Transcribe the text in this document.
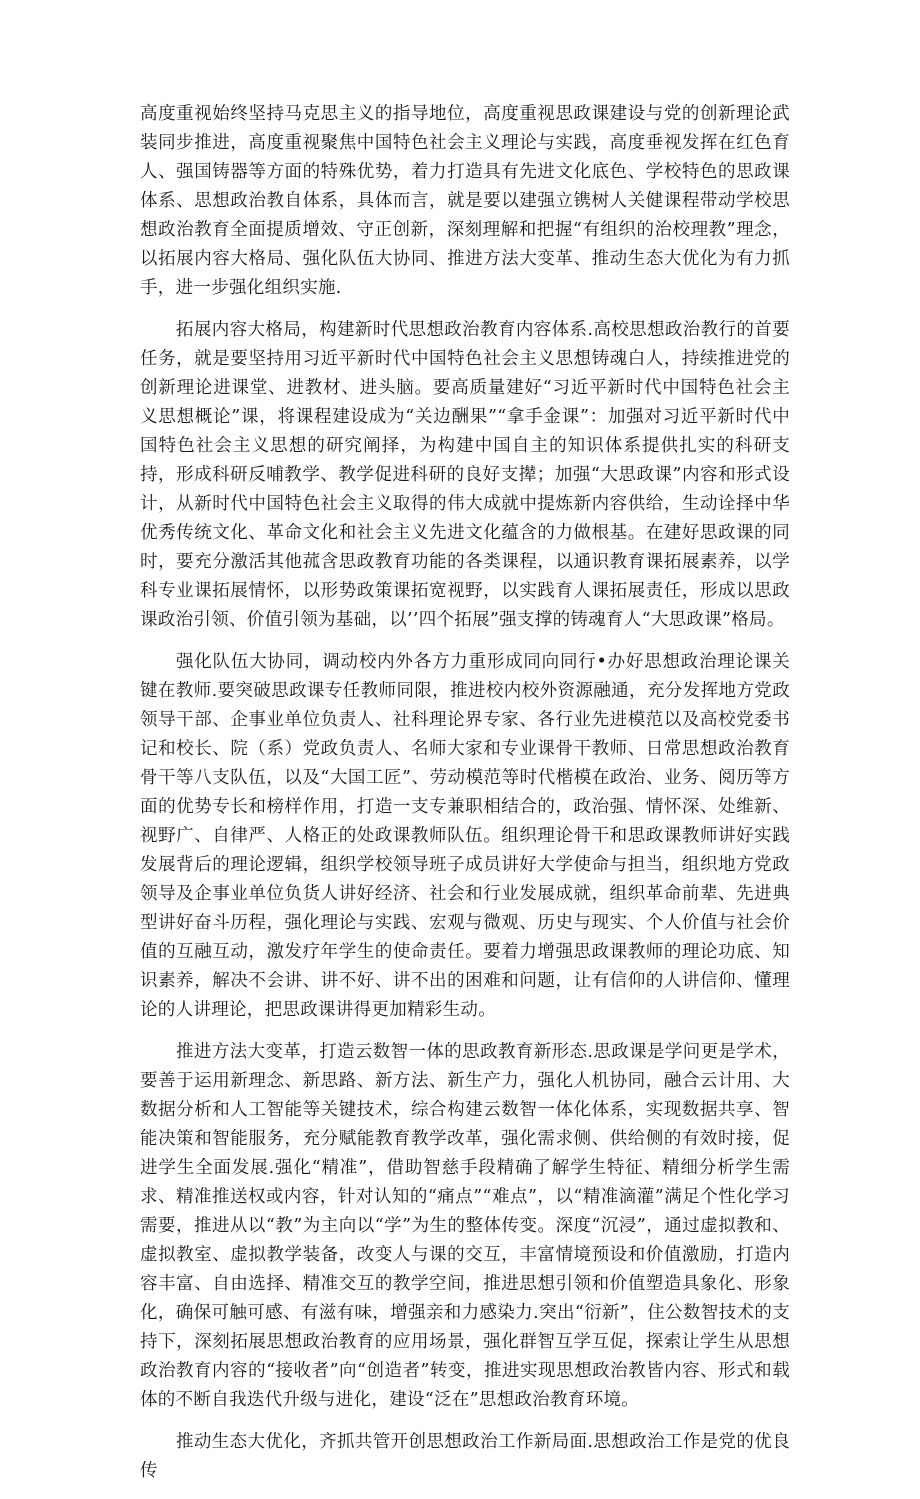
高度重视始终坚持马克思主义的指导地位，高度重视思政课建设与党的创新理论武装同步推进，高度重视聚焦中国特色社会主义理论与实践，高度垂视发挥在红色育人、强国铸器等方面的特殊优势，着力打造具有先进文化底色、学校特色的思政课体系、思想政治教自体系，具体而言，就是要以建强立镌树人关健课程带动学校思想政治教育全面提质增效、守正创新，深刻理解和把握“有组织的治校理教”理念，以拓展内容大格局、强化队伍大协同、推进方法大变革、推动生态大优化为有力抓手，进一步强化组织实施.

拓展内容大格局，构建新时代思想政治教育内容体系.高校思想政治教行的首要任务，就是要坚持用习近平新时代中国特色社会主义思想铸魂白人，持续推进党的创新理论进课堂、进教材、进头脑。要高质量建好“习近平新时代中国特色社会主义思想概论”课，将课程建设成为“关边酬果”“拿手金课”：加强对习近平新时代中国特色社会主义思想的研究阐择，为构建中国自主的知识体系提供扎实的科研支持，形成科研反哺教学、教学促进科研的良好支撵；加强“大思政课”内容和形式设计，从新时代中国特色社会主义取得的伟大成就中提炼新内容供给，生动诠择中华优秀传统文化、革命文化和社会主义先进文化蕴含的力做根基。在建好思政课的同时，要充分激活其他菰含思政教育功能的各类课程，以通识教育课拓展素养，以学科专业课拓展情怀，以形势政策课拓宽视野，以实践育人课拓展责任，形成以思政课政治引领、价值引领为基础，以’’四个拓展”强支撑的铸魂育人“大思政课”格局。

强化队伍大协同，调动校内外各方力重形成同向同行•办好思想政治理论课关键在教师.要突破思政课专任教师同限，推进校内校外资源融通，充分发挥地方党政领导干部、企事业单位负责人、社科理论界专家、各行业先进模范以及高校党委书记和校长、院（系）党政负责人、名师大家和专业课骨干教师、日常思想政治教育骨干等八支队伍，以及“大国工匠”、劳动模范等时代楷模在政治、业务、阅历等方面的优势专长和榜样作用，打造一支专兼职相结合的，政治强、情怀深、处维新、视野广、自律严、人格正的处政课教师队伍。组织理论骨干和思政课教师讲好实践发展背后的理论逻辑，组织学校领导班子成员讲好大学使命与担当，组织地方党政领导及企事业单位负货人讲好经济、社会和行业发展成就，组织革命前辈、先进典型讲好奋斗历程，强化理论与实践、宏观与微观、历史与现实、个人价值与社会价值的互融互动，激发疗年学生的使命责任。要着力增强思政课教师的理论功底、知识素养，解决不会讲、讲不好、讲不出的困难和问题，让有信仰的人讲信仰、懂理论的人讲理论，把思政课讲得更加精彩生动。

推进方法大变革，打造云数智一体的思政教育新形态.思政课是学问更是学术，要善于运用新理念、新思路、新方法、新生产力，强化人机协同，融合云计用、大数据分析和人工智能等关键技术，综合构建云数智一体化体系，实现数据共享、智能决策和智能服务，充分赋能教育教学改革，强化需求侧、供给侧的有效时接，促进学生全面发展.强化“精准”，借助智慈手段精确了解学生特征、精细分析学生需求、精准推送权或内容，针对认知的“痛点”“难点”，以“精准滴灌”满足个性化学习需要，推进从以“教”为主向以“学”为生的整体传变。深度“沉浸”，通过虚拟教和、虚拟教室、虚拟教学装备，改变人与课的交互，丰富情境预设和价值激励，打造内容丰富、自由选择、精准交互的教学空间，推进思想引领和价值塑造具象化、形象化，确保可触可感、有滋有味，增强亲和力感染力.突出“衍新”，住公数智技术的支持下，深刻拓展思想政治教育的应用场景，强化群智互学互促，探索让学生从思想政治教育内容的“接收者”向“创造者”转变，推进实现思想政治教皆内容、形式和载体的不断自我迭代升级与进化，建设“泛在”思想政治教育环境。

推动生态大优化，齐抓共管开创思想政治工作新局面.思想政治工作是党的优良传
